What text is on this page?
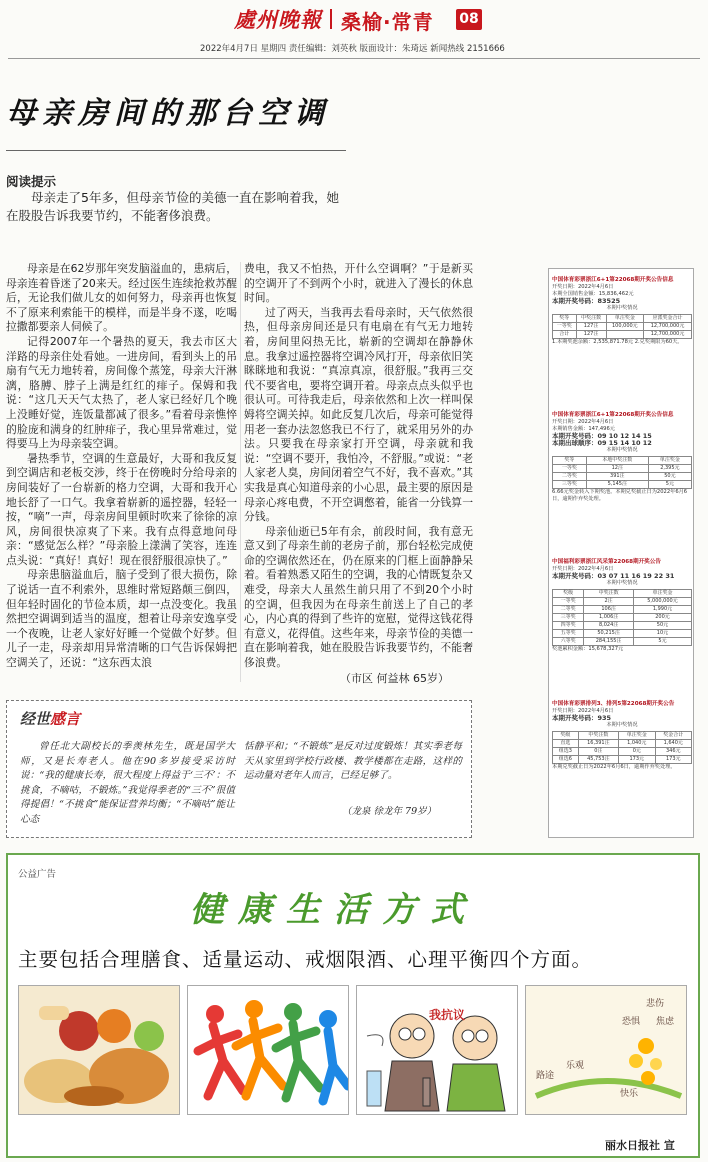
處州晚報 桑榆·常青 08
2022年4月7日 星期四 责任编辑：刘英秋 版面设计：朱琦远 新闻热线 2151666
母亲房间的那台空调
阅读提示
母亲走了5年多，但母亲节俭的美德一直在影响着我，她在股股告诉我要节约，不能奢侈浪费。

母亲是在62岁那年突发脑溢血的，患病后，母亲连着昏迷了20来天。经过医生连续抢救苏醒后，无论我们做儿女的如何努力，母亲再也恢复不了原来利索能干的模样，而是半身不遂，吃喝拉撒都要亲人伺候了。

记得2007年一个暑热的夏天，我去市区大洋路的母亲住处看她。一进房间，看到头上的吊扇有气无力地转着，房间像个蒸笼，母亲大汗淋漓，胳膊、脖子上满是红红的痱子。保姆和我说：“这几天天气太热了，老人家已经好几个晚上没睡好觉，连饭量都减了很多。”看着母亲憔悴的脸庞和满身的红肿痱子，我心里异常难过，觉得要马上为母亲装空调。

暑热季节，空调的生意最好，大哥和我反复到空调店和老板交涉，终于在傍晚时分给母亲的房间装好了一台崭新的格力空调，大哥和我开心地长舒了一口气。我拿着崭新的遥控器，轻轻一按，“嘀”一声，母亲房间里顿时吹来了徐徐的凉风，房间很快凉爽了下来。我有点得意地问母亲：“感觉怎么样？”母亲脸上漾满了笑容，连连点头说：“真好！真好！现在很舒服很凉快了。”

母亲患脑溢血后，脑子受到了很大损伤，除了说话一直不利索外，思维时常短路颠三倒四，但年轻时固化的节俭本质，却一点没变化。我虽然把空调调到适当的温度，想着让母亲安逸享受一个夜晚，让老人家好好睡一个觉做个好梦。但儿子一走，母亲却用异常清晰的口气告诉保姆把空调关了，还说：“这东西太浪

费电，我又不怕热，开什么空调啊？”于是新买的空调开了不到两个小时，就进入了漫长的休息时间。

过了两天，当我再去看母亲时，天气依然很热，但母亲房间还是只有电扇在有气无力地转着，房间里闷热无比，崭新的空调却在静静休息。我拿过遥控器将空调冷风打开，母亲依旧笑眯眯地和我说：“真凉真凉，很舒服。”我再三交代不要省电，要将空调开着。母亲点点头似乎也很认可。可待我走后，母亲依然和上次一样叫保姆将空调关掉。如此反复几次后，母亲可能觉得用老一套办法忽悠我已不行了，就采用另外的办法。只要我在母亲家打开空调，母亲就和我说：“空调不要开，我怕冷，不舒服。”或说：“老人家老人臭，房间闭着空气不好，我不喜欢。”其实我是真心知道母亲的小心思，最主要的原因是母亲心疼电费，不开空调憋着，能省一分钱算一分钱。

母亲仙逝已5年有余，前段时间，我有意无意又到了母亲生前的老房子前，那台轻松完成使命的空调依然还在，仍在原来的门框上面静静呆着。看着熟悉又陌生的空调，我的心情既复杂又难受，母亲大人虽然生前只用了不到20个小时的空调，但我因为在母亲生前送上了自己的孝心，内心真的得到了些许的宽慰，觉得这钱花得有意义，花得值。这些年来，母亲节俭的美德一直在影响着我，她在股股告诉我要节约，不能奢侈浪费。

（市区 何益林 65岁）
中国体育彩票浙江6+1第22068期开奖公告信息
开奖日期：2022年4月6日
本期全国销售金额：15,836,462元
本期开奖号码：83525
本期中奖情况
奖等	中奖注数	单注奖金	应派奖金合计
一等奖	127注	100,000元	12,700,000元
合计	127注		12,700,000元
1.本期奖池余额：2,535,871.78元 2.兑奖期限为60天。
中国体育彩票浙江6+1第22068期开奖公告信息
开奖日期：2022年4月6日
本期销售金额：147,496元
本期开奖号码：09 10 12 14 15
本期出球顺序：09 15 14 10 12
本期中奖情况
奖等	本地中奖注数	单注奖金
一等奖	12注	2,395元
二等奖	391注	50元
三等奖	5,145注	5元
6.66元奖金转入下期奖池。本期兑奖截止日为2022年6月6日，逾期作弃奖处理。
中国福利彩票浙江风采第22068期开奖公告
开奖日期：2022年4月6日
本期开奖号码：03 07 11 16 19 22 31
本期中奖情况
奖级	中奖注数	单注奖金
一等奖	2注	5,000,000元
二等奖	106注	1,990元
三等奖	1,006注	200元
四等奖	8,024注	50元
五等奖	50,215注	10元
六等奖	284,155注	5元
奖池累积金额：15,678,327元
中国体育彩票排列3、排列5第22068期开奖公告
开奖日期：2022年4月6日
本期开奖号码：935
本期中奖情况
奖级	中奖注数	单注奖金	奖金合计
直选	16,391注	1,040元	1,640元
组选3	0注	0元	346元
组选6	45,753注	173元	173元
本期兑奖截止日为2022年6月6日，逾期作弃奖处理。
经世感言
曾任北大副校长的季羡林先生，既是国学大师，又是长寿老人。他在90多岁接受采访时说：“我的健康长寿，很大程度上得益于‘三不’：不挑食，不嘀咕，不锻炼。”我觉得季老的“三不”很值得提倡！“不挑食”能保证营养均衡；“不嘀咕”能让心态
恬静平和；“不锻炼”是反对过度锻炼！其实季老每天从家里到学校行政楼、教学楼都在走路，这样的运动量对老年人而言，已经足够了。
（龙泉 徐龙年 79岁）
公益广告
健康生活方式
主要包括合理膳食、适量运动、戒烟限酒、心理平衡四个方面。
我抗议
悲伤
恐惧 焦虑
路途
乐观
快乐
丽水日报社 宣
